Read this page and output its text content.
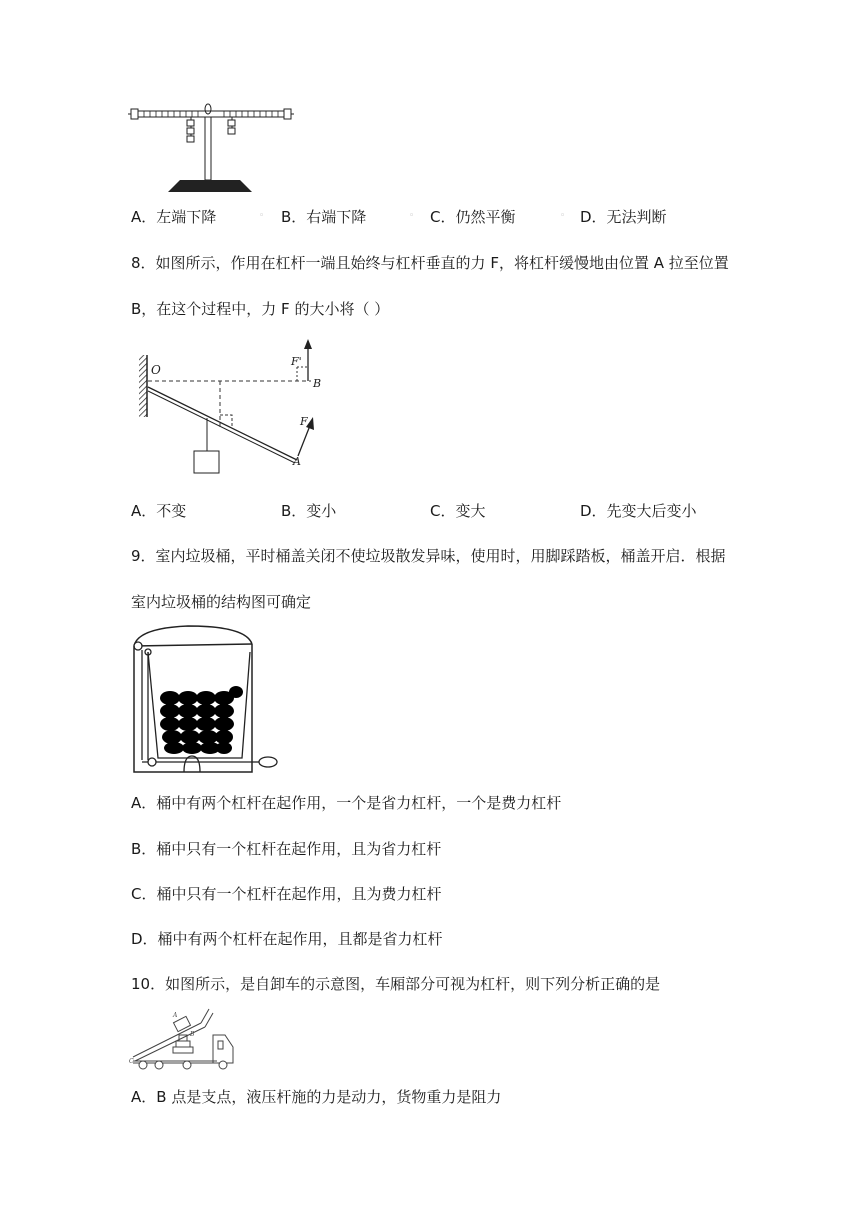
A．左端下降	◦ B．右端下降	◦ C．仍然平衡	◦ D．无法判断
8．如图所示，作用在杠杆一端且始终与杠杆垂直的力 F，将杠杆缓慢地由位置 A 拉至位置
B，在这个过程中，力 F 的大小将（ ）
O
F'
B
F
A
A．不变	B．变小	C．变大	D．先变大后变小
9．室内垃圾桶，平时桶盖关闭不使垃圾散发异味，使用时，用脚踩踏板，桶盖开启．根据
室内垃圾桶的结构图可确定
A．桶中有两个杠杆在起作用，一个是省力杠杆，一个是费力杠杆
B．桶中只有一个杠杆在起作用，且为省力杠杆
C．桶中只有一个杠杆在起作用，且为费力杠杆
D．桶中有两个杠杆在起作用，且都是省力杠杆
10．如图所示，是自卸车的示意图，车厢部分可视为杠杆，则下列分析正确的是
A
B
C
A．B 点是支点，液压杆施的力是动力，货物重力是阻力
